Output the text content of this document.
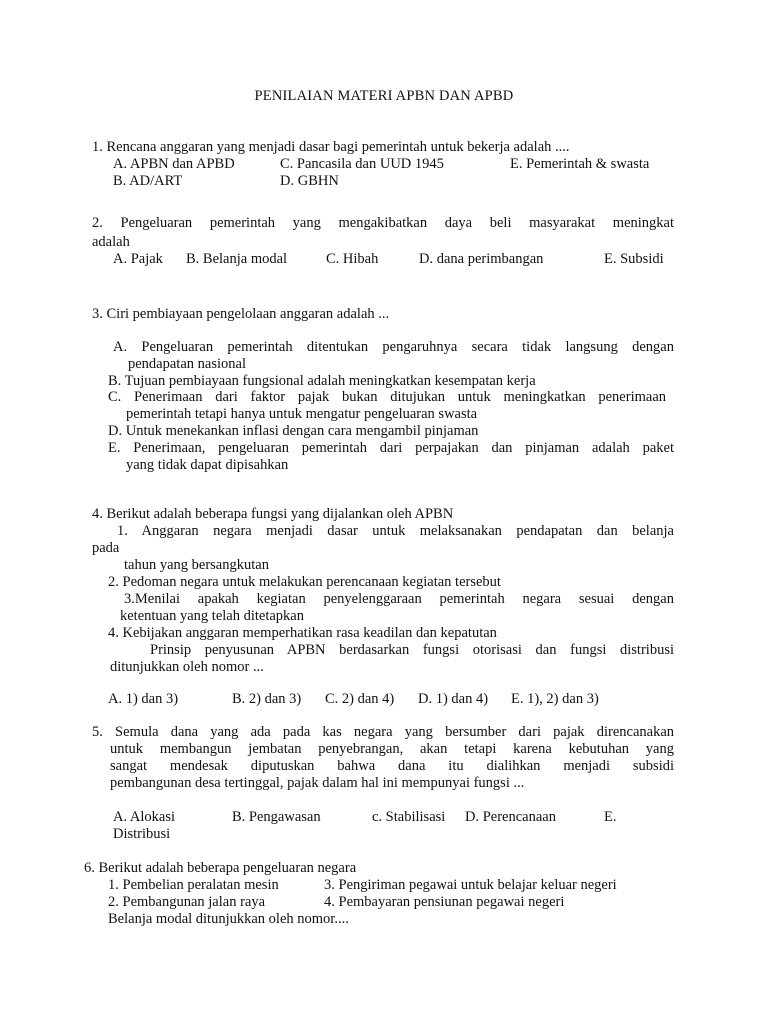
PENILAIAN MATERI APBN DAN APBD
1. Rencana anggaran yang menjadi dasar bagi pemerintah untuk bekerja adalah ....
A. APBN dan APBD	C. Pancasila dan UUD 1945	E. Pemerintah & swasta
B. AD/ART	D. GBHN
2. Pengeluaran pemerintah yang mengakibatkan daya beli masyarakat meningkat
adalah
A. Pajak B. Belanja modal	C. Hibah	D. dana perimbangan	E. Subsidi
3. Ciri pembiayaan pengelolaan anggaran adalah ...
A. Pengeluaran pemerintah ditentukan pengaruhnya secara tidak langsung dengan
pendapatan nasional
B. Tujuan pembiayaan fungsional adalah meningkatkan kesempatan kerja
C. Penerimaan dari faktor pajak bukan ditujukan untuk meningkatkan penerimaan
pemerintah tetapi hanya untuk mengatur pengeluaran swasta
D. Untuk menekankan inflasi dengan cara mengambil pinjaman
E. Penerimaan, pengeluaran pemerintah dari perpajakan dan pinjaman adalah paket
yang tidak dapat dipisahkan
4. Berikut adalah beberapa fungsi yang dijalankan oleh APBN
1. Anggaran negara menjadi dasar untuk melaksanakan pendapatan dan belanja
pada
tahun yang bersangkutan
2. Pedoman negara untuk melakukan perencanaan kegiatan tersebut
3.Menilai apakah kegiatan penyelenggaraan pemerintah negara sesuai dengan
ketentuan yang telah ditetapkan
4. Kebijakan anggaran memperhatikan rasa keadilan dan kepatutan
Prinsip penyusunan APBN berdasarkan fungsi otorisasi dan fungsi distribusi
ditunjukkan oleh nomor ...
A. 1) dan 3)	B. 2) dan 3) C. 2) dan 4) D. 1) dan 4) E. 1), 2) dan 3)
5. Semula dana yang ada pada kas negara yang bersumber dari pajak direncanakan
untuk membangun jembatan penyebrangan, akan tetapi karena kebutuhan yang
sangat mendesak diputuskan bahwa dana itu dialihkan menjadi subsidi
pembangunan desa tertinggal, pajak dalam hal ini mempunyai fungsi ...
A. Alokasi	B. Pengawasan	c. Stabilisasi D. Perencanaan	E.
Distribusi
6. Berikut adalah beberapa pengeluaran negara
1. Pembelian peralatan mesin	3. Pengiriman pegawai untuk belajar keluar negeri
2. Pembangunan jalan raya	4. Pembayaran pensiunan pegawai negeri
Belanja modal ditunjukkan oleh nomor....
